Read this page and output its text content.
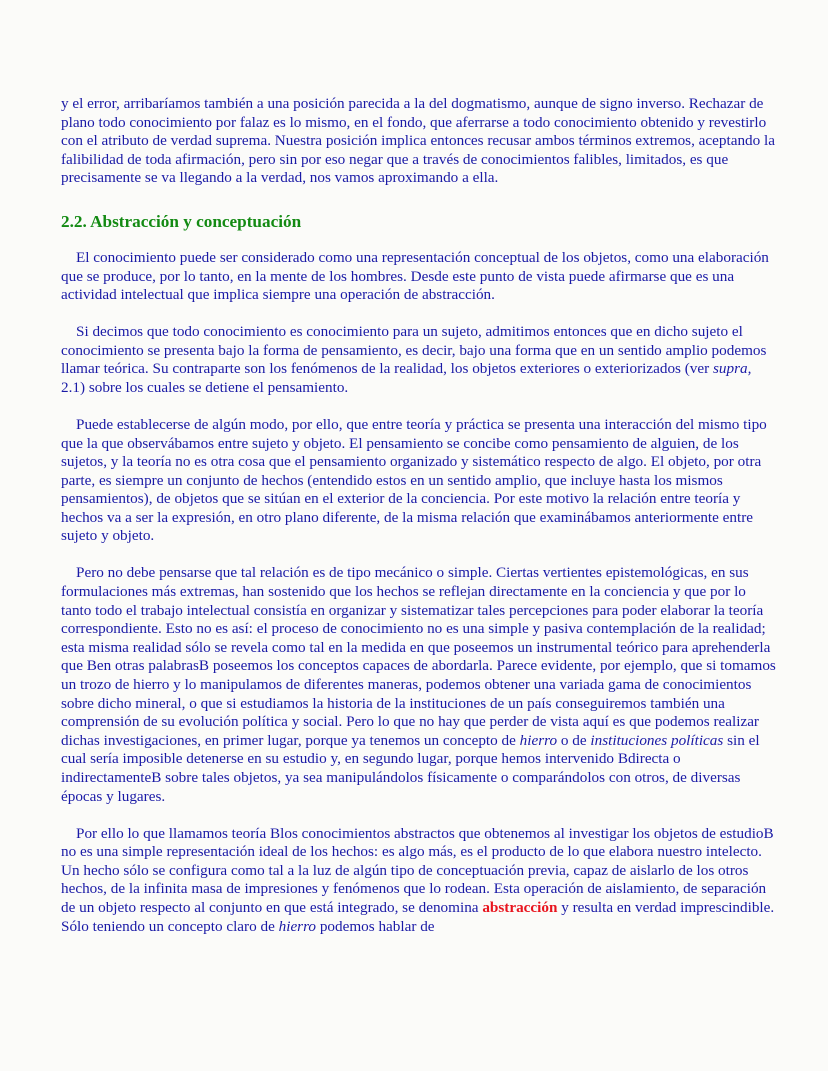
y el error, arribaríamos también a una posición parecida a la del dogmatismo, aunque de signo inverso. Rechazar de plano todo conocimiento por falaz es lo mismo, en el fondo, que aferrarse a todo conocimiento obtenido y revestirlo con el atributo de verdad suprema. Nuestra posición implica entonces recusar ambos términos extremos, aceptando la falibilidad de toda afirmación, pero sin por eso negar que a través de conocimientos falibles, limitados, es que precisamente se va llegando a la verdad, nos vamos aproximando a ella.

2.2. Abstracción y conceptuación

El conocimiento puede ser considerado como una representación conceptual de los objetos, como una elaboración que se produce, por lo tanto, en la mente de los hombres. Desde este punto de vista puede afirmarse que es una actividad intelectual que implica siempre una operación de abstracción.

Si decimos que todo conocimiento es conocimiento para un sujeto, admitimos entonces que en dicho sujeto el conocimiento se presenta bajo la forma de pensamiento, es decir, bajo una forma que en un sentido amplio podemos llamar teórica. Su contraparte son los fenómenos de la realidad, los objetos exteriores o exteriorizados (ver supra, 2.1) sobre los cuales se detiene el pensamiento.

Puede establecerse de algún modo, por ello, que entre teoría y práctica se presenta una interacción del mismo tipo que la que observábamos entre sujeto y objeto. El pensamiento se concibe como pensamiento de alguien, de los sujetos, y la teoría no es otra cosa que el pensamiento organizado y sistemático respecto de algo. El objeto, por otra parte, es siempre un conjunto de hechos (entendido estos en un sentido amplio, que incluye hasta los mismos pensamientos), de objetos que se sitúan en el exterior de la conciencia. Por este motivo la relación entre teoría y hechos va a ser la expresión, en otro plano diferente, de la misma relación que examinábamos anteriormente entre sujeto y objeto.

Pero no debe pensarse que tal relación es de tipo mecánico o simple. Ciertas vertientes epistemológicas, en sus formulaciones más extremas, han sostenido que los hechos se reflejan directamente en la conciencia y que por lo tanto todo el trabajo intelectual consistía en organizar y sistematizar tales percepciones para poder elaborar la teoría correspondiente. Esto no es así: el proceso de conocimiento no es una simple y pasiva contemplación de la realidad; esta misma realidad sólo se revela como tal en la medida en que poseemos un instrumental teórico para aprehenderla que Ben otras palabrasB poseemos los conceptos capaces de abordarla. Parece evidente, por ejemplo, que si tomamos un trozo de hierro y lo manipulamos de diferentes maneras, podemos obtener una variada gama de conocimientos sobre dicho mineral, o que si estudiamos la historia de la instituciones de un país conseguiremos también una comprensión de su evolución política y social. Pero lo que no hay que perder de vista aquí es que podemos realizar dichas investigaciones, en primer lugar, porque ya tenemos un concepto de hierro o de instituciones políticas sin el cual sería imposible detenerse en su estudio y, en segundo lugar, porque hemos intervenido Bdirecta o indirectamenteB sobre tales objetos, ya sea manipulándolos físicamente o comparándolos con otros, de diversas épocas y lugares.

Por ello lo que llamamos teoría Blos conocimientos abstractos que obtenemos al investigar los objetos de estudioB no es una simple representación ideal de los hechos: es algo más, es el producto de lo que elabora nuestro intelecto. Un hecho sólo se configura como tal a la luz de algún tipo de conceptuación previa, capaz de aislarlo de los otros hechos, de la infinita masa de impresiones y fenómenos que lo rodean. Esta operación de aislamiento, de separación de un objeto respecto al conjunto en que está integrado, se denomina abstracción y resulta en verdad imprescindible. Sólo teniendo un concepto claro de hierro podemos hablar de
